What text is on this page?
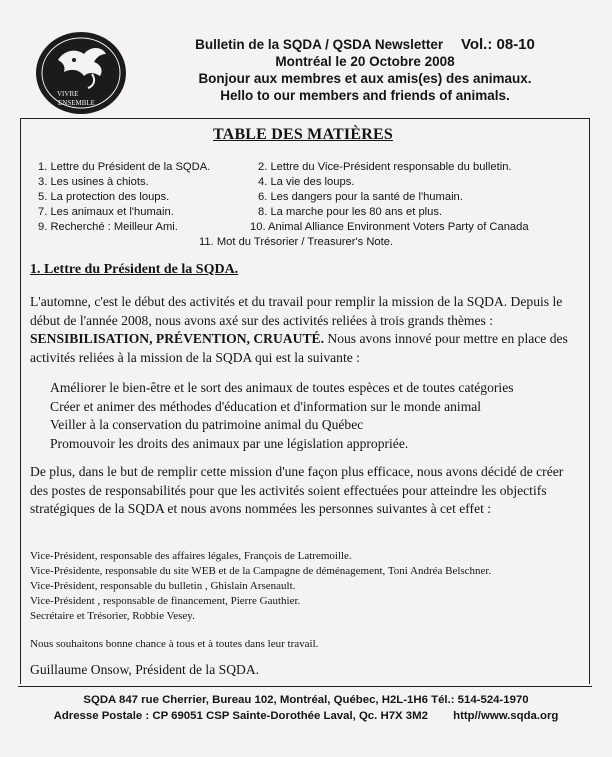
VIVRE
ENSEMBLE
Bulletin de la SQDA / QSDA Newsletter Vol.: 08-10
Montréal le 20 Octobre 2008
Bonjour aux membres et aux amis(es) des animaux.
Hello to our members and friends of animals.
TABLE DES MATIÈRES
1. Lettre du Président de la SQDA.	2. Lettre du Vice-Président responsable du bulletin.
3. Les usines à chiots.	4. La vie des loups.
5. La protection des loups.	6. Les dangers pour la santé de l'humain.
7. Les animaux et l'humain.	8. La marche pour les 80 ans et plus.
9. Recherché : Meilleur Ami.	10. Animal Alliance Environment Voters Party of Canada
11. Mot du Trésorier / Treasurer's Note.
1. Lettre du Président de la SQDA.
L'automne, c'est le début des activités et du travail pour remplir la mission de la SQDA. Depuis le début de l'année 2008, nous avons axé sur des activités reliées à trois grands thèmes : SENSIBILISATION, PRÉVENTION, CRUAUTÉ. Nous avons innové pour mettre en place des activités reliées à la mission de la SQDA qui est la suivante :
Améliorer le bien-être et le sort des animaux de toutes espèces et de toutes catégories
Créer et animer des méthodes d'éducation et d'information sur le monde animal
Veiller à la conservation du patrimoine animal du Québec
Promouvoir les droits des animaux par une législation appropriée.
De plus, dans le but de remplir cette mission d'une façon plus efficace, nous avons décidé de créer des postes de responsabilités pour que les activités soient effectuées pour atteindre les objectifs stratégiques de la SQDA et nous avons nommées les personnes suivantes à cet effet :
Vice-Président, responsable des affaires légales, François de Latremoille.
Vice-Présidente, responsable du site WEB et de la Campagne de déménagement, Toni Andréa Belschner.
Vice-Président, responsable du bulletin , Ghislain Arsenault.
Vice-Président , responsable de financement, Pierre Gauthier.
Secrétaire et Trésorier, Robbie Vesey.
Nous souhaitons bonne chance à tous et à toutes dans leur travail.
Guillaume Onsow, Président de la SQDA.
SQDA 847 rue Cherrier, Bureau 102, Montréal, Québec, H2L-1H6 Tél.: 514-524-1970
Adresse Postale : CP 69051 CSP Sainte-Dorothée Laval, Qc. H7X 3M2 http//www.sqda.org
